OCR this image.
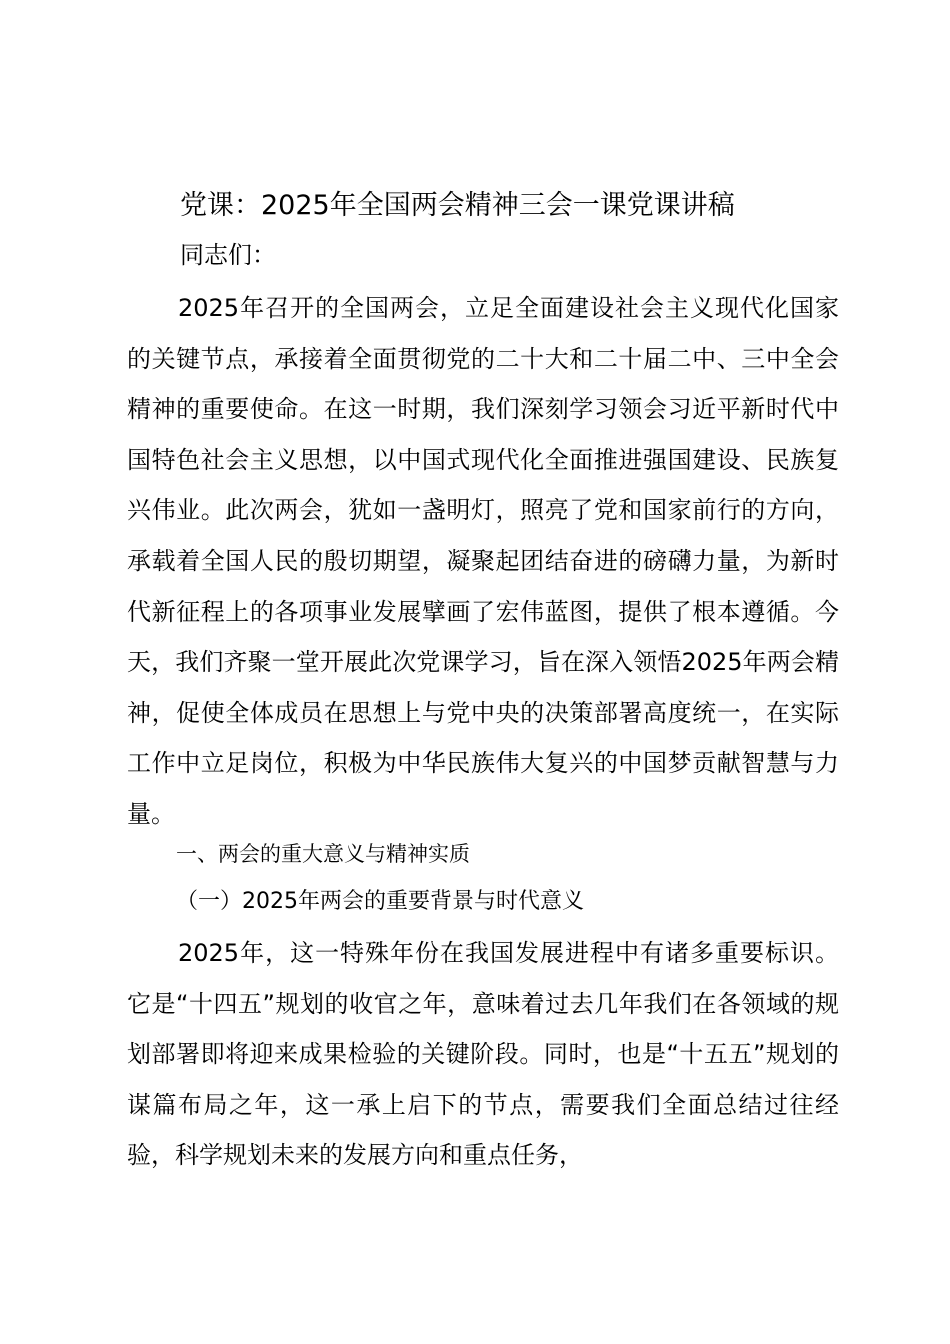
党课：2025年全国两会精神三会一课党课讲稿
同志们：
2025年召开的全国两会，立足全面建设社会主义现代化国家的关键节点，承接着全面贯彻党的二十大和二十届二中、三中全会精神的重要使命。在这一时期，我们深刻学习领会习近平新时代中国特色社会主义思想，以中国式现代化全面推进强国建设、民族复兴伟业。此次两会，犹如一盏明灯，照亮了党和国家前行的方向，承载着全国人民的殷切期望，凝聚起团结奋进的磅礴力量，为新时代新征程上的各项事业发展擘画了宏伟蓝图，提供了根本遵循。今天，我们齐聚一堂开展此次党课学习，旨在深入领悟2025年两会精神，促使全体成员在思想上与党中央的决策部署高度统一，在实际工作中立足岗位，积极为中华民族伟大复兴的中国梦贡献智慧与力量。
一、两会的重大意义与精神实质
（一）2025年两会的重要背景与时代意义
2025年，这一特殊年份在我国发展进程中有诸多重要标识。它是“十四五”规划的收官之年，意味着过去几年我们在各领域的规划部署即将迎来成果检验的关键阶段。同时，也是“十五五”规划的谋篇布局之年，这一承上启下的节点，需要我们全面总结过往经验，科学规划未来的发展方向和重点任务，
